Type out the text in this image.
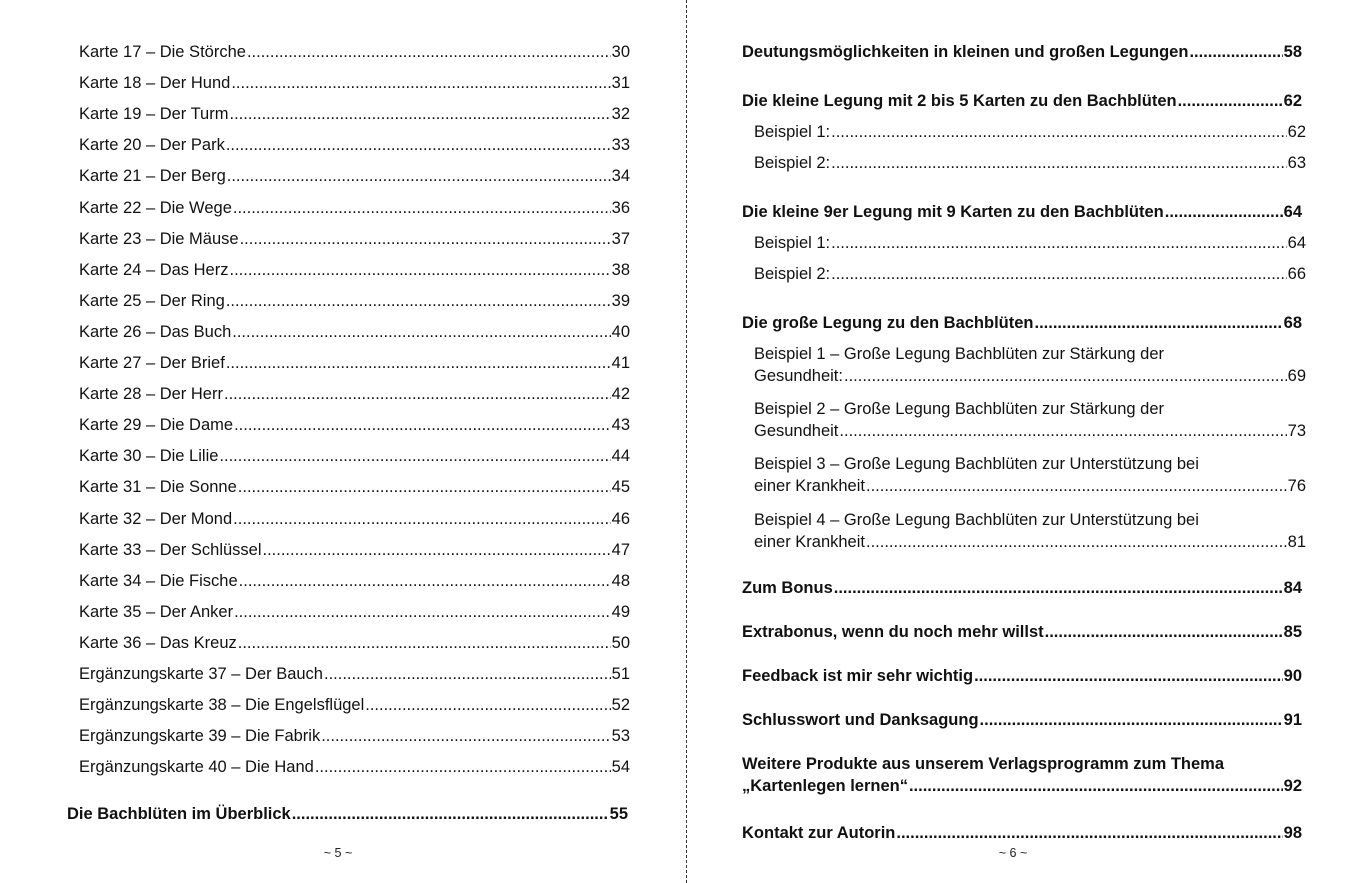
Karte 17 – Die Störche .....	30
Karte 18 – Der Hund .....	31
Karte 19 – Der Turm .....	32
Karte 20 – Der Park .....	33
Karte 21 – Der Berg .....	34
Karte 22 – Die Wege .....	36
Karte 23 – Die Mäuse .....	37
Karte 24 – Das Herz .....	38
Karte 25 – Der Ring .....	39
Karte 26 – Das Buch .....	40
Karte 27 – Der Brief .....	41
Karte 28 – Der Herr .....	42
Karte 29 – Die Dame .....	43
Karte 30 – Die Lilie .....	44
Karte 31 – Die Sonne .....	45
Karte 32 – Der Mond .....	46
Karte 33 – Der Schlüssel .....	47
Karte 34 – Die Fische .....	48
Karte 35 – Der Anker .....	49
Karte 36 – Das Kreuz .....	50
Ergänzungskarte 37 – Der Bauch .....	51
Ergänzungskarte 38 – Die Engelsflügel .....	52
Ergänzungskarte 39 – Die Fabrik .....	53
Ergänzungskarte 40 – Die Hand .....	54
Die Bachblüten im Überblick .....	55
~ 5 ~
Deutungsmöglichkeiten in kleinen und großen Legungen .....	58
Die kleine Legung mit 2 bis 5 Karten zu den Bachblüten .....	62
Beispiel 1: .....	62
Beispiel 2: .....	63
Die kleine 9er Legung mit 9 Karten zu den Bachblüten .....	64
Beispiel 1: .....	64
Beispiel 2: .....	66
Die große Legung zu den Bachblüten .....	68
Beispiel 1 – Große Legung Bachblüten zur Stärkung der
Gesundheit: .....	69
Beispiel 2 – Große Legung Bachblüten zur Stärkung der
Gesundheit .....	73
Beispiel 3 – Große Legung Bachblüten zur Unterstützung bei
einer Krankheit .....	76
Beispiel 4 – Große Legung Bachblüten zur Unterstützung bei
einer Krankheit .....	81
Zum Bonus .....	84
Extrabonus, wenn du noch mehr willst .....	85
Feedback ist mir sehr wichtig .....	90
Schlusswort und Danksagung .....	91
Weitere Produkte aus unserem Verlagsprogramm zum Thema
„Kartenlegen lernen“ .....	92
Kontakt zur Autorin .....	98
~ 6 ~
